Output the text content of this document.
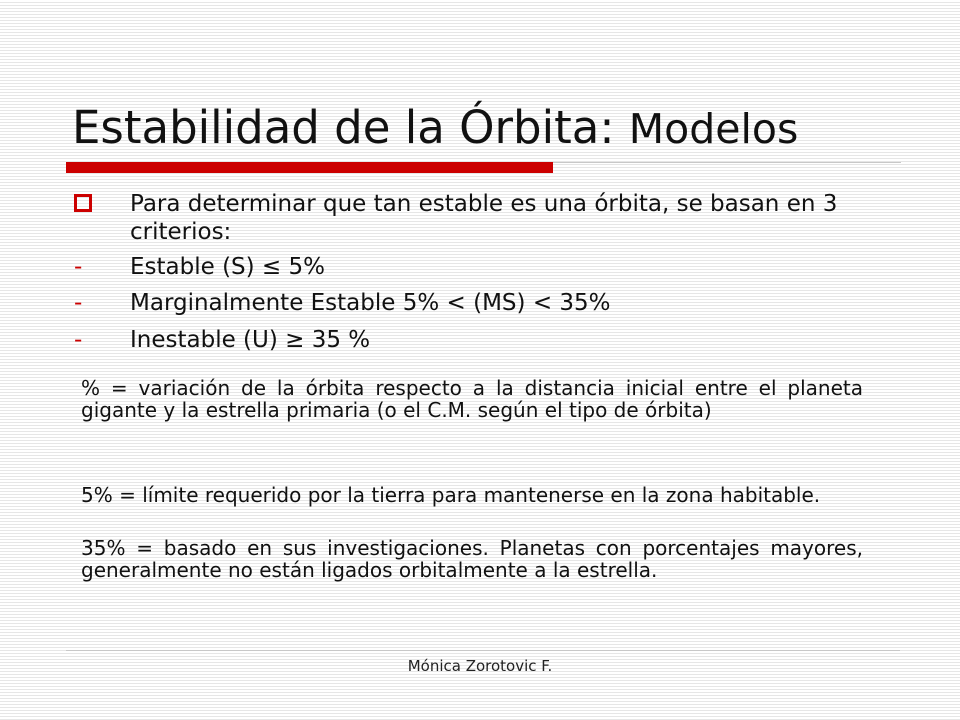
Estabilidad de la Órbita: Modelos
Para determinar que tan estable es una órbita, se basan en 3 criterios:
- Estable (S) ≤ 5%
- Marginalmente Estable 5% < (MS) < 35%
- Inestable (U) ≥ 35 %
% = variación de la órbita respecto a la distancia inicial entre el planeta gigante y la estrella primaria (o el C.M. según el tipo de órbita)
5% = límite requerido por la tierra para mantenerse en la zona habitable.
35% = basado en sus investigaciones. Planetas con porcentajes mayores, generalmente no están ligados orbitalmente a la estrella.
Mónica Zorotovic F.
